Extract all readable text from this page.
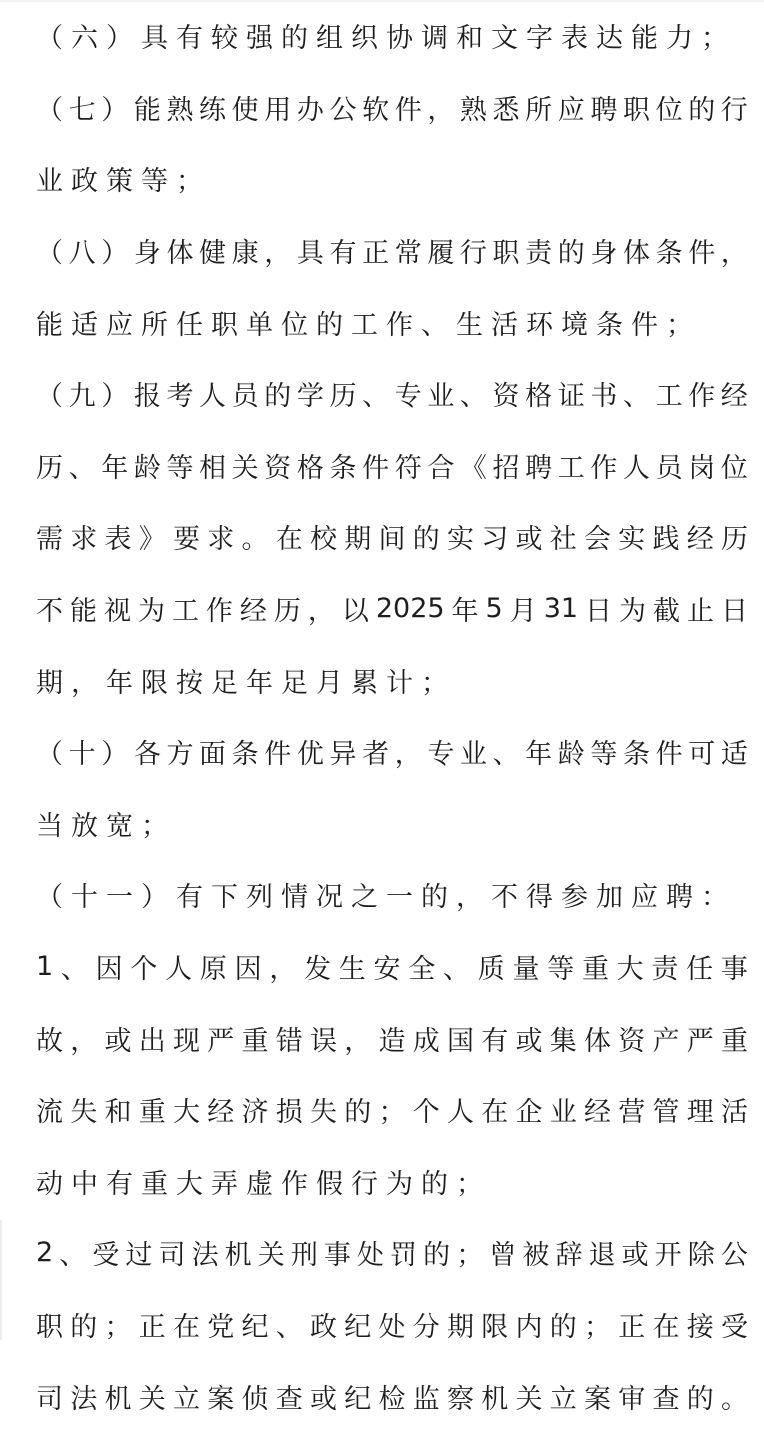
（ 六 ） 具 有 较 强 的 组 织 协 调 和 文 字 表 达 能 力 ；
（ 七 ） 能 熟 练 使 用 办 公 软 件 ， 熟 悉 所 应 聘 职 位 的 行
业 政 策 等 ；
（ 八 ） 身 体 健 康 ， 具 有 正 常 履 行 职 责 的 身 体 条 件 ，
能 适 应 所 任 职 单 位 的 工 作 、 生 活 环 境 条 件 ；
（ 九 ） 报 考 人 员 的 学 历 、 专 业 、 资 格 证 书 、 工 作 经
历 、 年 龄 等 相 关 资 格 条 件 符 合 《 招 聘 工 作 人 员 岗 位
需 求 表 》 要 求 。 在 校 期 间 的 实 习 或 社 会 实 践 经 历
不 能 视 为 工 作 经 历 ， 以 2025 年 5 月 31 日 为 截 止 日
期 ， 年 限 按 足 年 足 月 累 计 ；
（ 十 ） 各 方 面 条 件 优 异 者 ， 专 业 、 年 龄 等 条 件 可 适
当 放 宽 ；
（ 十 一 ） 有 下 列 情 况 之 一 的 ， 不 得 参 加 应 聘 ：
1 、 因 个 人 原 因 ， 发 生 安 全 、 质 量 等 重 大 责 任 事
故 ， 或 出 现 严 重 错 误 ， 造 成 国 有 或 集 体 资 产 严 重
流 失 和 重 大 经 济 损 失 的 ； 个 人 在 企 业 经 营 管 理 活
动 中 有 重 大 弄 虚 作 假 行 为 的 ；
2 、 受 过 司 法 机 关 刑 事 处 罚 的 ； 曾 被 辞 退 或 开 除 公
职 的 ； 正 在 党 纪 、 政 纪 处 分 期 限 内 的 ； 正 在 接 受
司 法 机 关 立 案 侦 查 或 纪 检 监 察 机 关 立 案 审 查 的 。
